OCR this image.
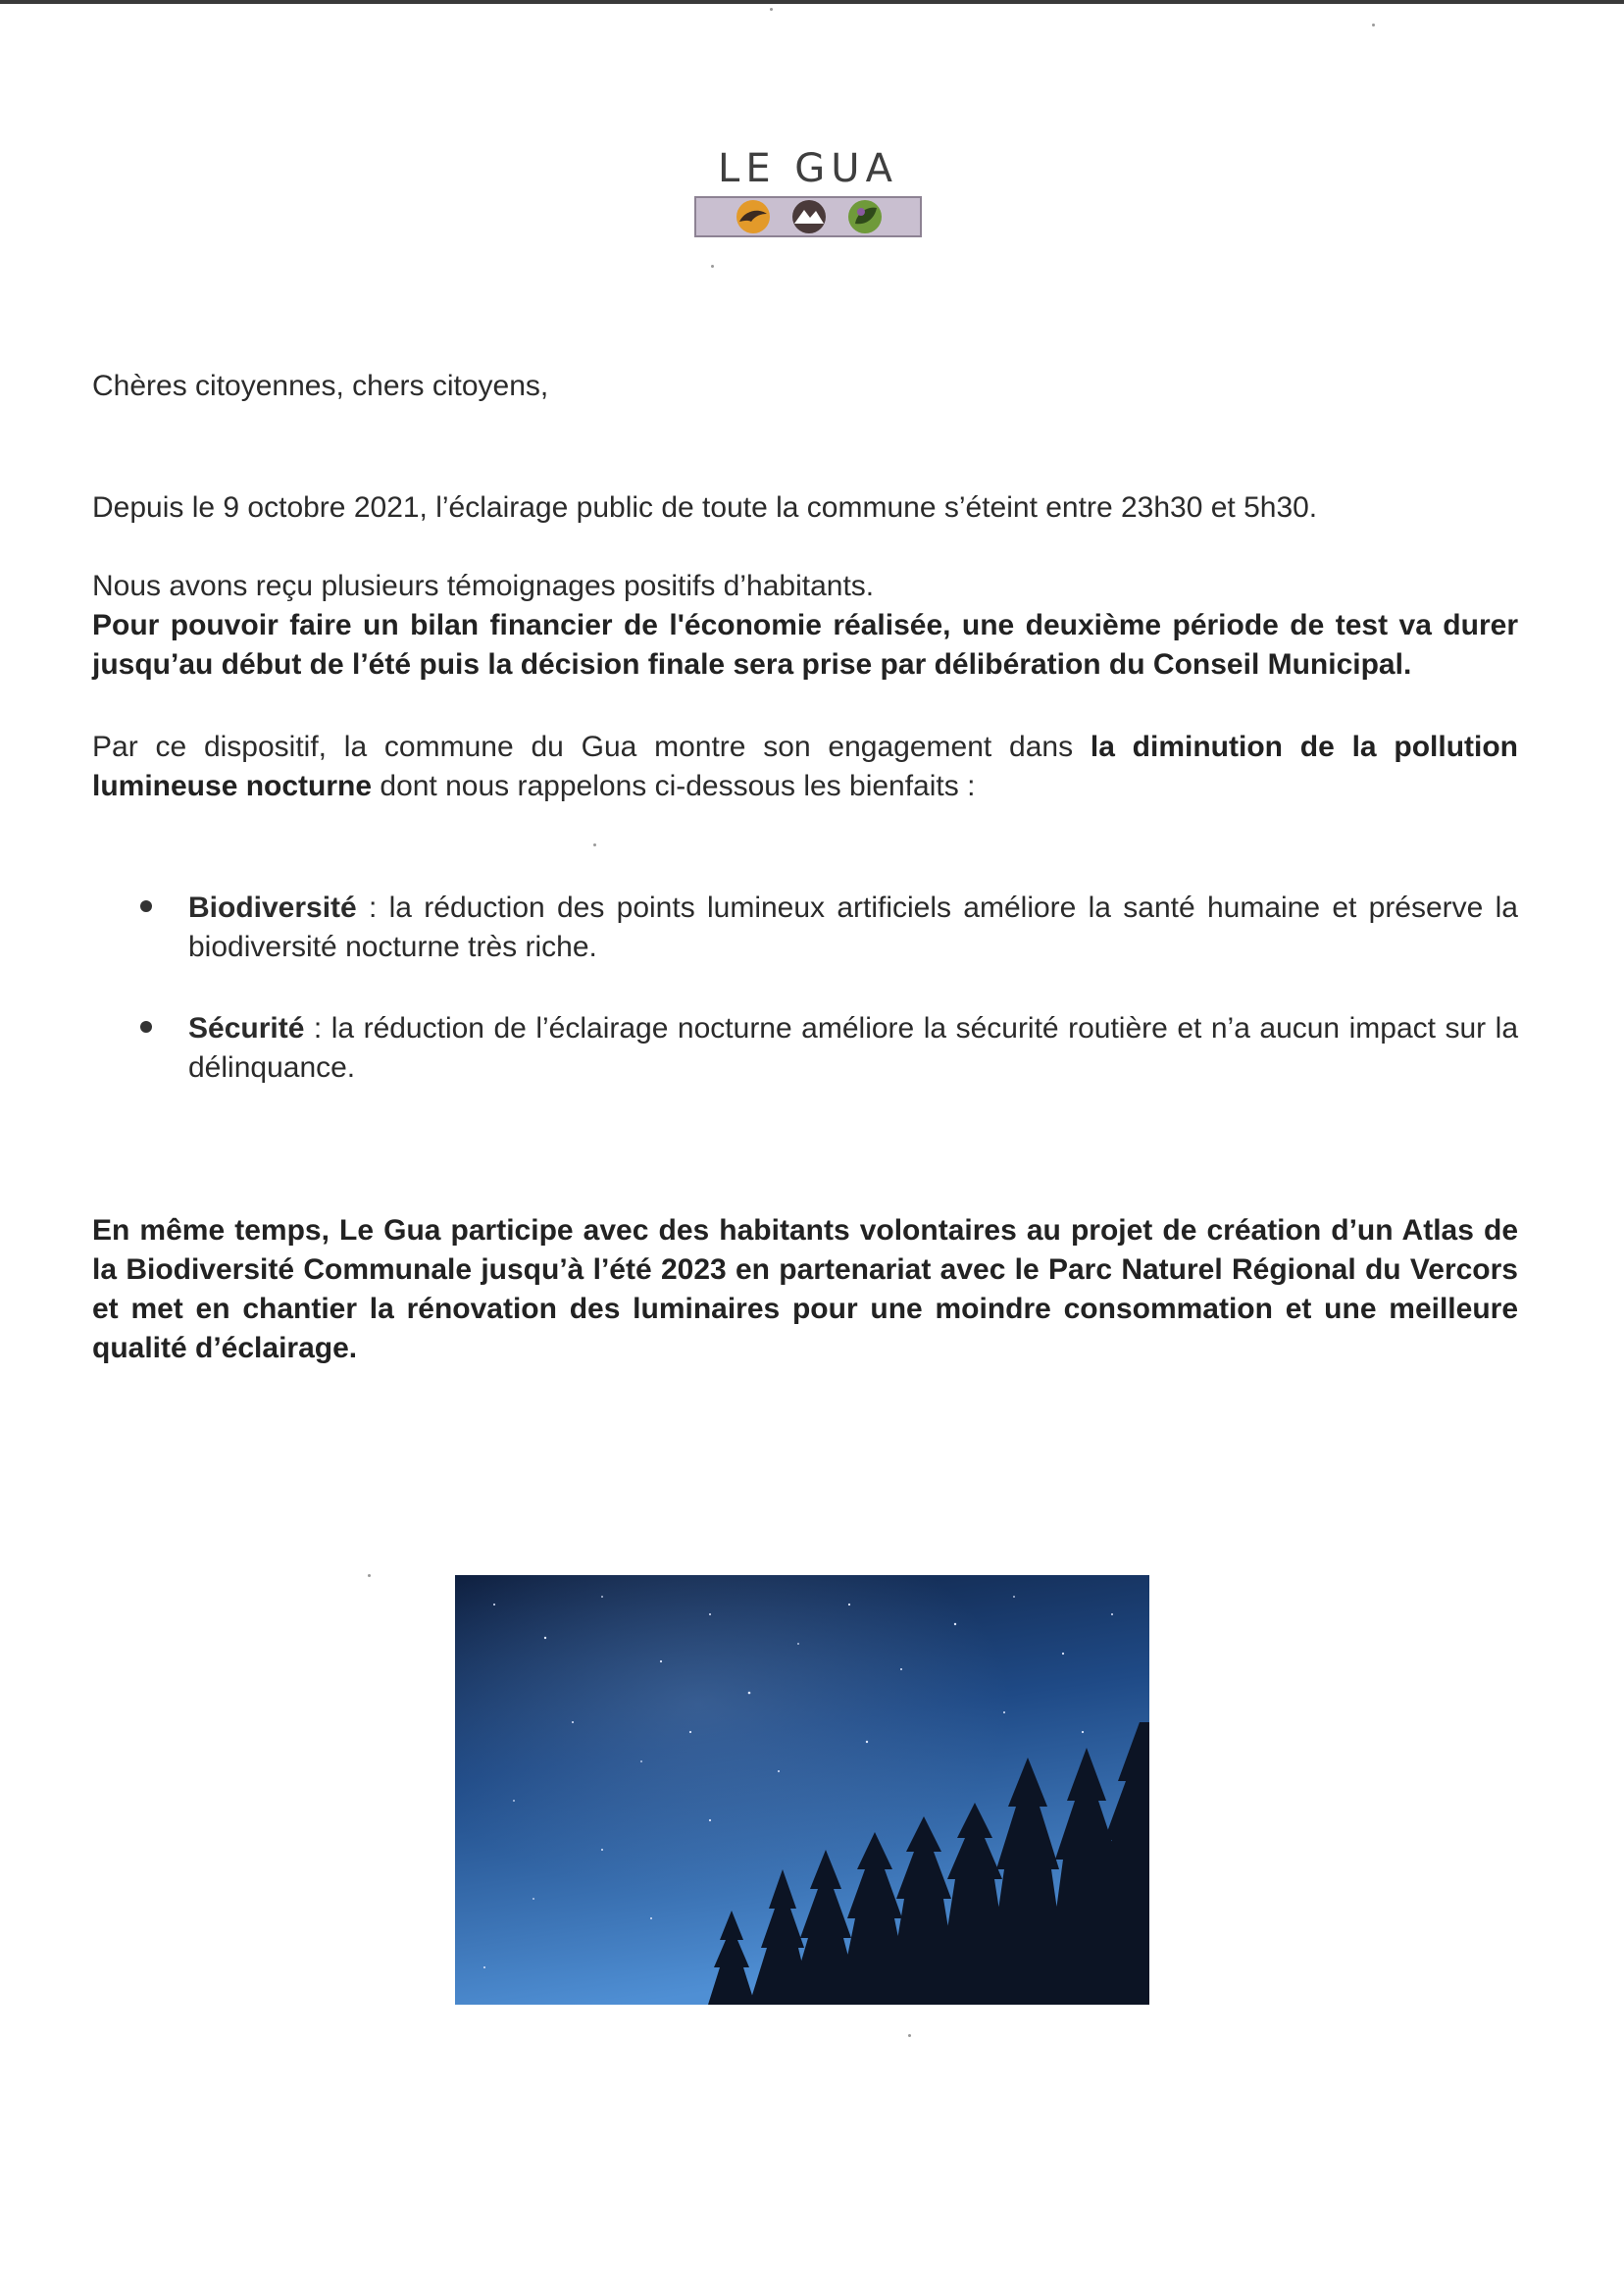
LE GUA
Chères citoyennes, chers citoyens,
Depuis le 9 octobre 2021, l’éclairage public de toute la commune s’éteint entre 23h30 et 5h30.
Nous avons reçu plusieurs témoignages positifs d’habitants.
Pour pouvoir faire un bilan financier de l'économie réalisée, une deuxième période de test va durer jusqu’au début de l’été puis la décision finale sera prise par délibération du Conseil Municipal.
Par ce dispositif, la commune du Gua montre son engagement dans la diminution de la pollution lumineuse nocturne dont nous rappelons ci-dessous les bienfaits :
Biodiversité : la réduction des points lumineux artificiels améliore la santé humaine et préserve la biodiversité nocturne très riche.
Sécurité : la réduction de l’éclairage nocturne améliore la sécurité routière et n’a aucun impact sur la délinquance.
En même temps, Le Gua participe avec des habitants volontaires au projet de création d’un Atlas de la Biodiversité Communale jusqu’à l’été 2023 en partenariat avec le Parc Naturel Régional du Vercors et met en chantier la rénovation des luminaires pour une moindre consommation et une meilleure qualité d’éclairage.
